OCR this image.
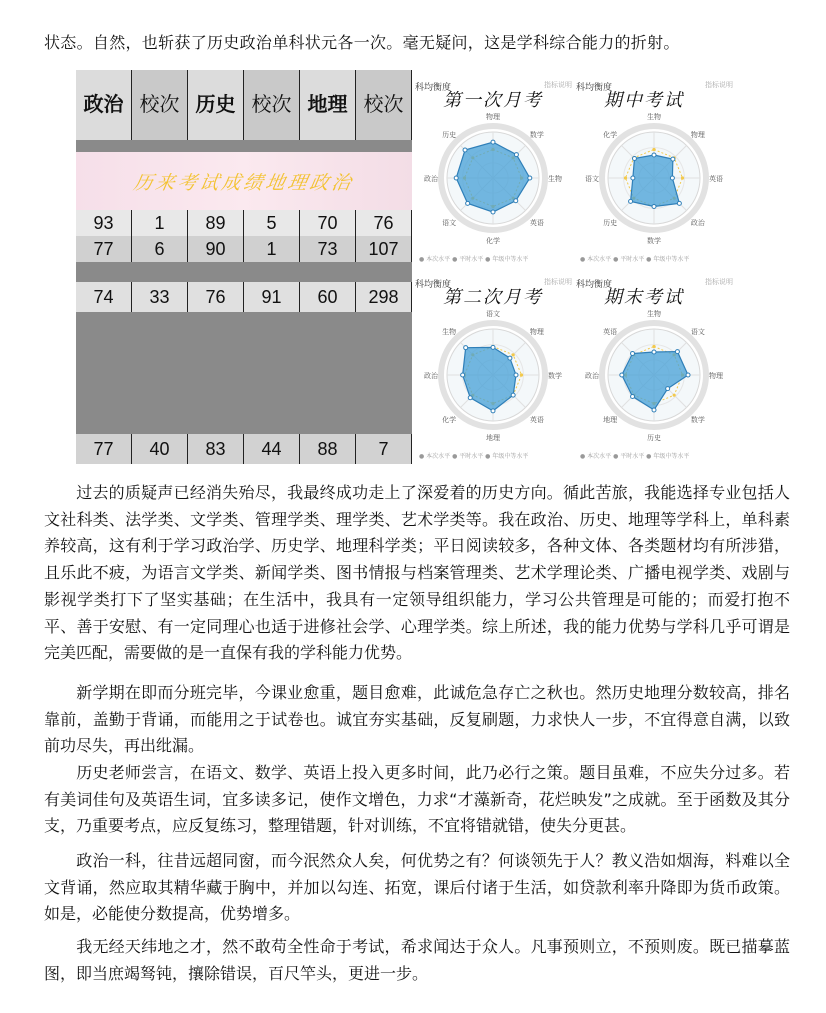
状态。自然，也斩获了历史政治单科状元各一次。毫无疑问，这是学科综合能力的折射。
政治 校次 历史 校次 地理 校次
历来考试成绩地理政治
93	1	89	5	70	76
77	6	90	1	73	107
74	33	76	91	60	298
77	40	83	44	88	7
科均衡度	指标说明
第一次月考
物理
数学
生物
英语
化学
语文
政治
历史
● 本次水平 ● 平时水平 ● 年级中等水平
科均衡度	指标说明
期中考试
生物
物理
英语
政治
数学
历史
语文
化学
● 本次水平 ● 平时水平 ● 年级中等水平
科均衡度	指标说明
第二次月考
语文
物理
数学
英语
地理
化学
政治
生物
● 本次水平 ● 平时水平 ● 年级中等水平
科均衡度	指标说明
期末考试
生物
语文
物理
数学
历史
地理
政治
英语
● 本次水平 ● 平时水平 ● 年级中等水平
过去的质疑声已经消失殆尽，我最终成功走上了深爱着的历史方向。循此苦旅，我能选择专业包括人文社科类、法学类、文学类、管理学类、理学类、艺术学类等。我在政治、历史、地理等学科上，单科素养较高，这有利于学习政治学、历史学、地理科学类；平日阅读较多，各种文体、各类题材均有所涉猎，且乐此不疲，为语言文学类、新闻学类、图书情报与档案管理类、艺术学理论类、广播电视学类、戏剧与影视学类打下了坚实基础；在生活中，我具有一定领导组织能力，学习公共管理是可能的；而爱打抱不平、善于安慰、有一定同理心也适于进修社会学、心理学类。综上所述，我的能力优势与学科几乎可谓是完美匹配，需要做的是一直保有我的学科能力优势。
新学期在即而分班完毕，今课业愈重，题目愈难，此诚危急存亡之秋也。然历史地理分数较高，排名靠前，盖勤于背诵，而能用之于试卷也。诚宜夯实基础，反复刷题，力求快人一步，不宜得意自满，以致前功尽失，再出纰漏。
历史老师尝言，在语文、数学、英语上投入更多时间，此乃必行之策。题目虽难，不应失分过多。若有美词佳句及英语生词，宜多读多记，使作文增色，力求“才藻新奇，花烂映发”之成就。至于函数及其分支，乃重要考点，应反复练习，整理错题，针对训练，不宜将错就错，使失分更甚。
政治一科，往昔远超同窗，而今泯然众人矣，何优势之有？何谈领先于人？教义浩如烟海，料难以全文背诵，然应取其精华藏于胸中，并加以勾连、拓宽，课后付诸于生活，如贷款利率升降即为货币政策。如是，必能使分数提高，优势增多。
我无经天纬地之才，然不敢苟全性命于考试，希求闻达于众人。凡事预则立，不预则废。既已描摹蓝图，即当庶竭驽钝，攘除错误，百尺竿头，更进一步。
